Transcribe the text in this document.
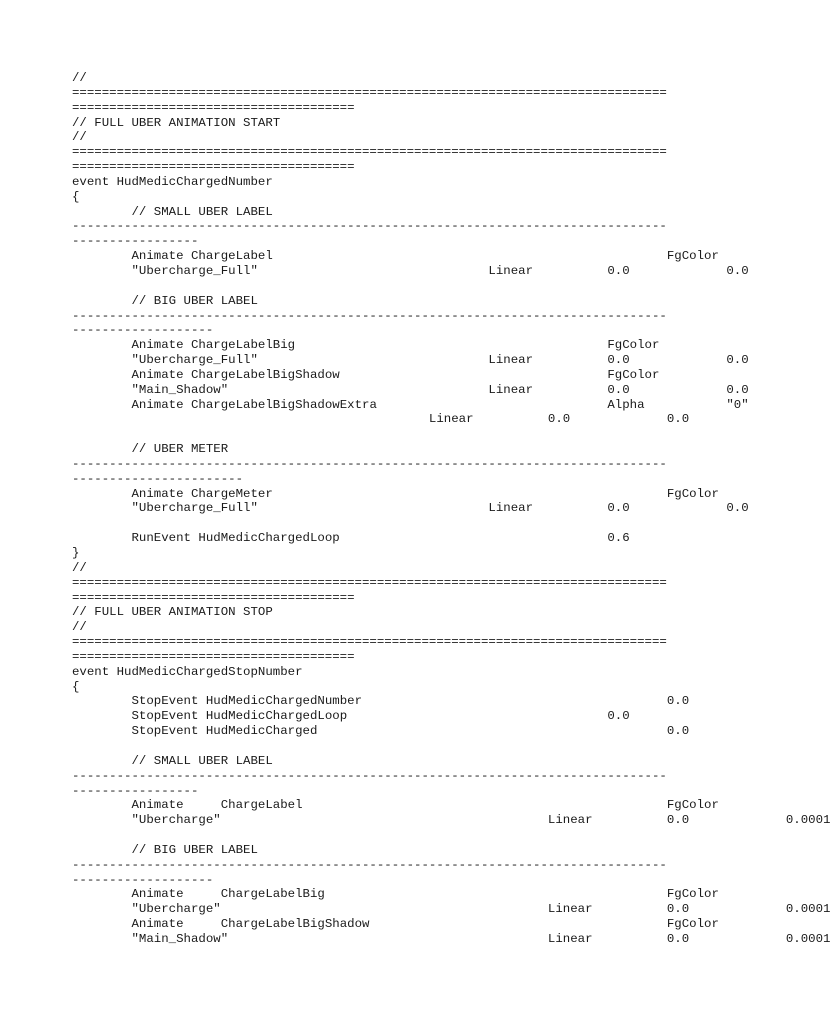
//
================================================================================
======================================
// FULL UBER ANIMATION START
//
================================================================================
======================================
event HudMedicChargedNumber
{
	// SMALL UBER LABEL
--------------------------------------------------------------------------------
-----------------
	Animate ChargeLabel							FgColor
	"Ubercharge_Full"				Linear		0.0		0.0
	// BIG UBER LABEL
--------------------------------------------------------------------------------
-------------------
	Animate ChargeLabelBig						FgColor
	"Ubercharge_Full"				Linear		0.0		0.0
	Animate ChargeLabelBigShadow					FgColor
	"Main_Shadow"					Linear		0.0		0.0
	Animate ChargeLabelBigShadowExtra				Alpha		"0"
						Linear		0.0		0.0
	// UBER METER
--------------------------------------------------------------------------------
-----------------------
	Animate ChargeMeter							FgColor
	"Ubercharge_Full"				Linear		0.0		0.0
	RunEvent HudMedicChargedLoop					0.6
}
//
================================================================================
======================================
// FULL UBER ANIMATION STOP
//
================================================================================
======================================
event HudMedicChargedStopNumber
{
	StopEvent HudMedicChargedNumber						0.0
	StopEvent HudMedicChargedLoop					0.0
	StopEvent HudMedicCharged						0.0
	// SMALL UBER LABEL
--------------------------------------------------------------------------------
-----------------
	Animate	ChargeLabel							FgColor
	"Ubercharge"						Linear		0.0		0.0001
	// BIG UBER LABEL
--------------------------------------------------------------------------------
-------------------
	Animate	ChargeLabelBig						FgColor
	"Ubercharge"						Linear		0.0		0.0001
	Animate	ChargeLabelBigShadow					FgColor
	"Main_Shadow"						Linear		0.0		0.0001
